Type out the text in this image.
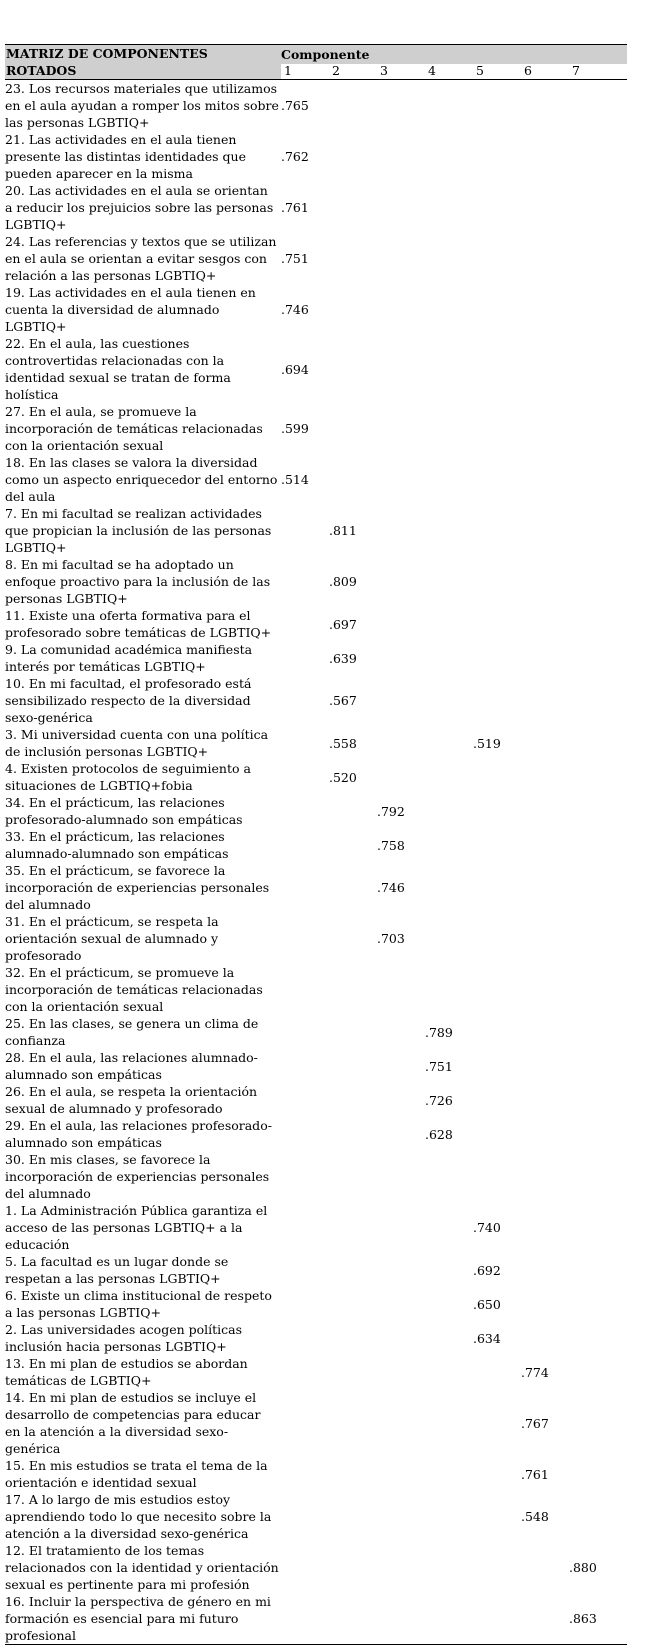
MATRIZ DE COMPONENTES ROTADOS	Componente						
	1	2	3	4	5	6	7
23. Los recursos materiales que utilizamos en el aula ayudan a romper los mitos sobre las personas LGBTIQ+	.765						
21. Las actividades en el aula tienen presente las distintas identidades que pueden aparecer en la misma	.762						
20. Las actividades en el aula se orientan a reducir los prejuicios sobre las personas LGBTIQ+	.761						
24. Las referencias y textos que se utilizan en el aula se orientan a evitar sesgos con relación a las personas LGBTIQ+	.751						
19. Las actividades en el aula tienen en cuenta la diversidad de alumnado LGBTIQ+	.746						
22. En el aula, las cuestiones controvertidas relacionadas con la identidad sexual se tratan de forma holística	.694						
27. En el aula, se promueve la incorporación de temáticas relacionadas con la orientación sexual	.599						
18. En las clases se valora la diversidad como un aspecto enriquecedor del entorno del aula	.514						
7. En mi facultad se realizan actividades que propician la inclusión de las personas LGBTIQ+		.811					
8. En mi facultad se ha adoptado un enfoque proactivo para la inclusión de las personas LGBTIQ+		.809					
11. Existe una oferta formativa para el profesorado sobre temáticas de LGBTIQ+		.697					
9. La comunidad académica manifiesta interés por temáticas LGBTIQ+		.639					
10. En mi facultad, el profesorado está sensibilizado respecto de la diversidad sexo-genérica		.567					
3. Mi universidad cuenta con una política de inclusión personas LGBTIQ+		.558			.519		
4. Existen protocolos de seguimiento a situaciones de LGBTIQ+fobia		.520					
34. En el prácticum, las relaciones profesorado-alumnado son empáticas			.792				
33. En el prácticum, las relaciones alumnado-alumnado son empáticas			.758				
35. En el prácticum, se favorece la incorporación de experiencias personales del alumnado			.746				
31. En el prácticum, se respeta la orientación sexual de alumnado y profesorado			.703				
32. En el prácticum, se promueve la incorporación de temáticas relacionadas con la orientación sexual							
25. En las clases, se genera un clima de confianza				.789			
28. En el aula, las relaciones alumnado-alumnado son empáticas				.751			
26. En el aula, se respeta la orientación sexual de alumnado y profesorado				.726			
29. En el aula, las relaciones profesorado-alumnado son empáticas				.628			
30. En mis clases, se favorece la incorporación de experiencias personales del alumnado							
1. La Administración Pública garantiza el acceso de las personas LGBTIQ+ a la educación					.740		
5. La facultad es un lugar donde se respetan a las personas LGBTIQ+					.692		
6. Existe un clima institucional de respeto a las personas LGBTIQ+					.650		
2. Las universidades acogen políticas inclusión hacia personas LGBTIQ+					.634		
13. En mi plan de estudios se abordan temáticas de LGBTIQ+						.774	
14. En mi plan de estudios se incluye el desarrollo de competencias para educar en la atención a la diversidad sexo-genérica						.767	
15. En mis estudios se trata el tema de la orientación e identidad sexual						.761	
17. A lo largo de mis estudios estoy aprendiendo todo lo que necesito sobre la atención a la diversidad sexo-genérica						.548	
12. El tratamiento de los temas relacionados con la identidad y orientación sexual es pertinente para mi profesión							.880
16. Incluir la perspectiva de género en mi formación es esencial para mi futuro profesional							.863
